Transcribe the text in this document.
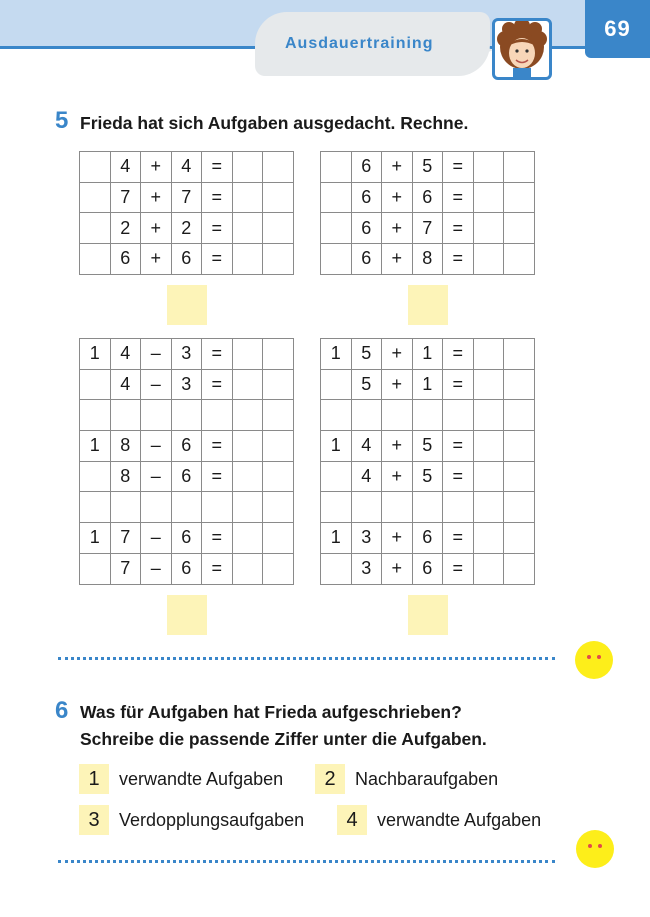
69
Ausdauertraining
5 Frieda hat sich Aufgaben ausgedacht. Rechne.
	4	+	4	=		
	7	+	7	=		
	2	+	2	=		
	6	+	6	=		
	6	+	5	=		
	6	+	6	=		
	6	+	7	=		
	6	+	8	=		
1	4	–	3	=		
	4	–	3	=		

1	8	–	6	=		
	8	–	6	=		

1	7	–	6	=		
	7	–	6	=		
1	5	+	1	=		
	5	+	1	=		

1	4	+	5	=		
	4	+	5	=		

1	3	+	6	=		
	3	+	6	=		
6 Was für Aufgaben hat Frieda aufgeschrieben?
Schreibe die passende Ziffer unter die Aufgaben.
1	verwandte Aufgaben	2	Nachbaraufgaben
3	Verdopplungsaufgaben	4	verwandte Aufgaben
